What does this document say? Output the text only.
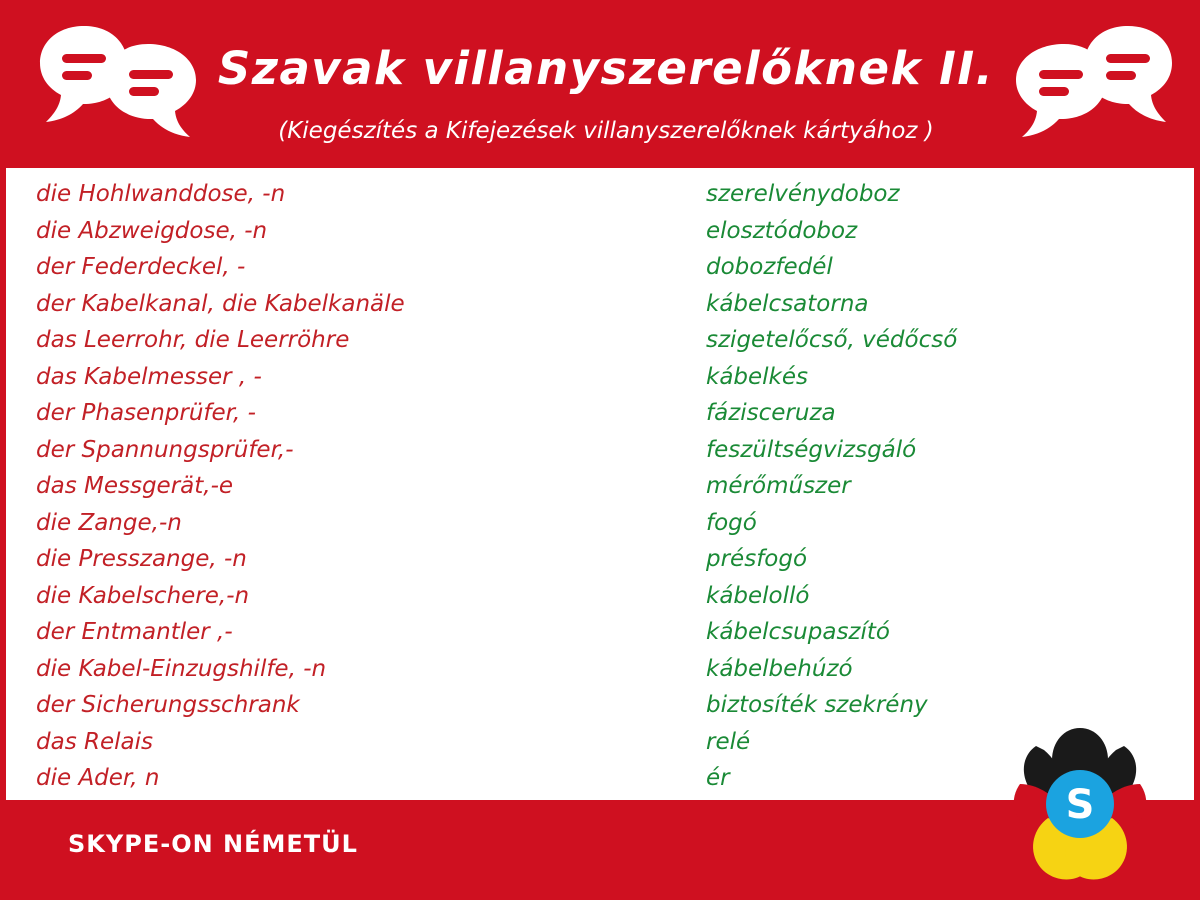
Szavak villanyszerelőknek II.
(Kiegészítés a Kifejezések villanyszerelőknek kártyához )
die Hohlwanddose, -n
die Abzweigdose, -n
der Federdeckel, -
der Kabelkanal, die Kabelkanäle
das Leerrohr, die Leerröhre
das Kabelmesser , -
der Phasenprüfer, -
der Spannungsprüfer,-
das Messgerät,-e
die Zange,-n
die Presszange, -n
die Kabelschere,-n
der Entmantler ,-
die Kabel-Einzugshilfe, -n
der Sicherungsschrank
das Relais
die Ader, n
szerelvénydoboz
elosztódoboz
dobozfedél
kábelcsatorna
szigetelőcső, védőcső
kábelkés
fázisceruza
feszültségvizsgáló
mérőműszer
fogó
présfogó
kábelolló
kábelcsupaszító
kábelbehúzó
biztosíték szekrény
relé
ér
SKYPE-ON NÉMETÜL
S
